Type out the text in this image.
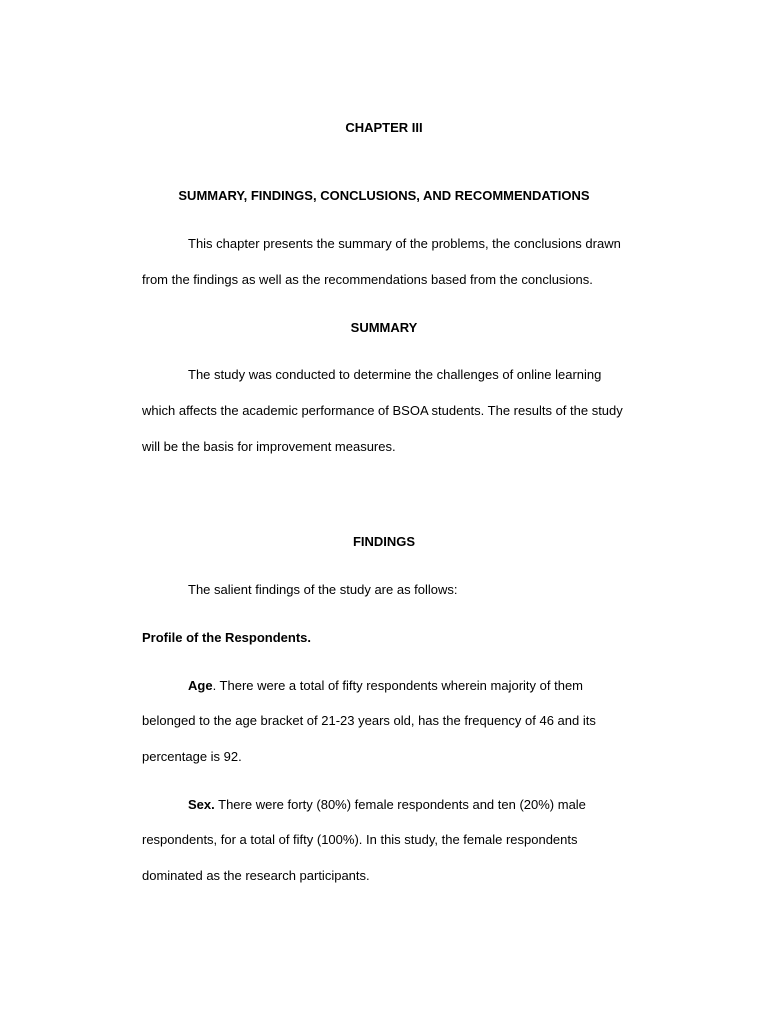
CHAPTER III
SUMMARY, FINDINGS, CONCLUSIONS, AND RECOMMENDATIONS
This chapter presents the summary of the problems, the conclusions drawn
from the findings as well as the recommendations based from the conclusions.
SUMMARY
The study was conducted to determine the challenges of online learning
which affects the academic performance of BSOA students. The results of the study
will be the basis for improvement measures.
FINDINGS
The salient findings of the study are as follows:
Profile of the Respondents.
Age. There were a total of fifty respondents wherein majority of them
belonged to the age bracket of 21-23 years old, has the frequency of 46 and its
percentage is 92.
Sex. There were forty (80%) female respondents and ten (20%) male
respondents, for a total of fifty (100%). In this study, the female respondents
dominated as the research participants.
